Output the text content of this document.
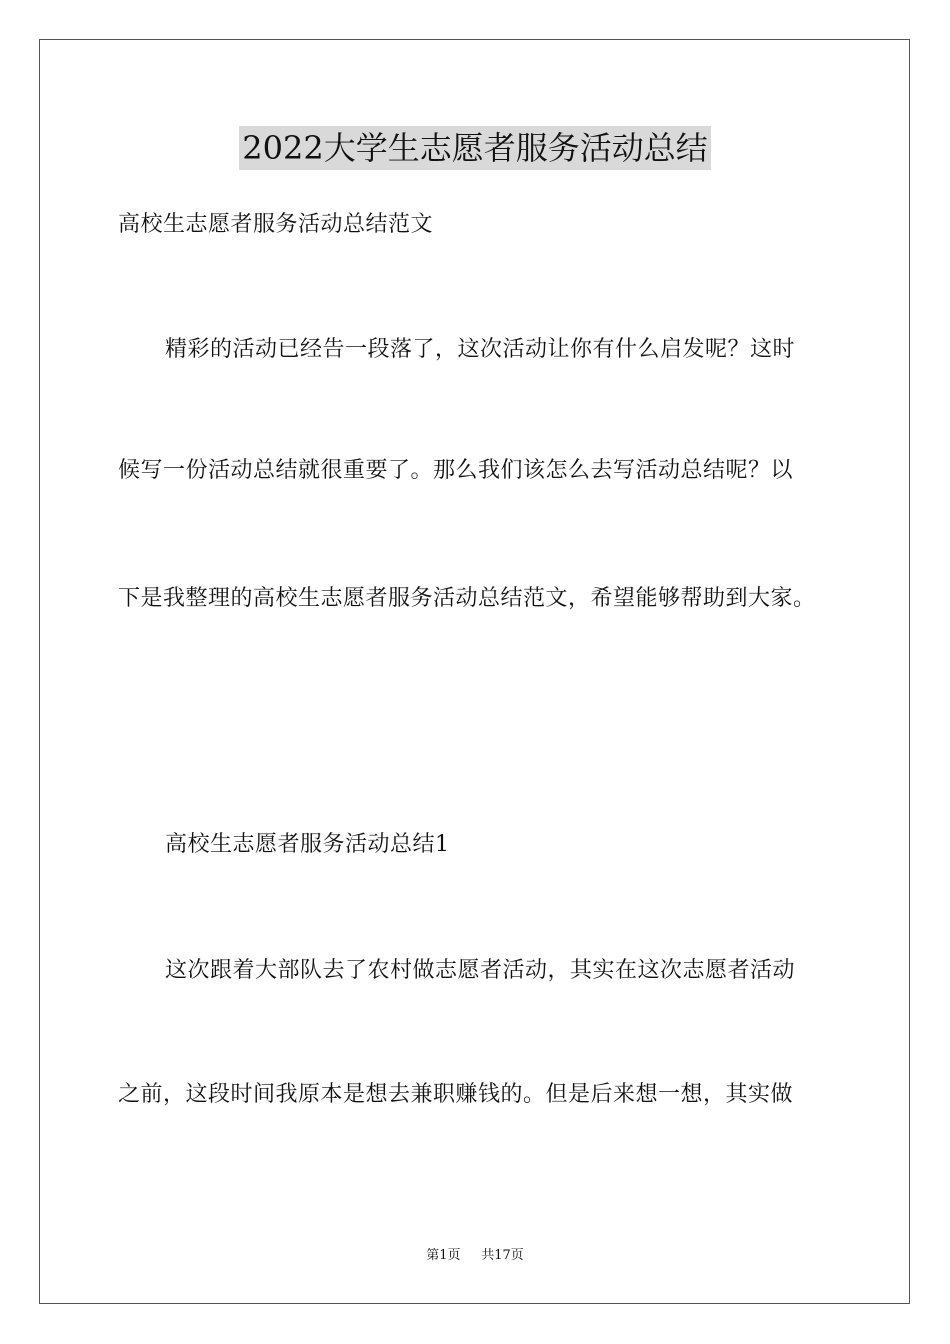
2022大学生志愿者服务活动总结
高校生志愿者服务活动总结范文
精彩的活动已经告一段落了，这次活动让你有什么启发呢？这时
候写一份活动总结就很重要了。那么我们该怎么去写活动总结呢？以
下是我整理的高校生志愿者服务活动总结范文，希望能够帮助到大家。
高校生志愿者服务活动总结1
这次跟着大部队去了农村做志愿者活动，其实在这次志愿者活动
之前，这段时间我原本是想去兼职赚钱的。但是后来想一想，其实做
第1页 共17页
